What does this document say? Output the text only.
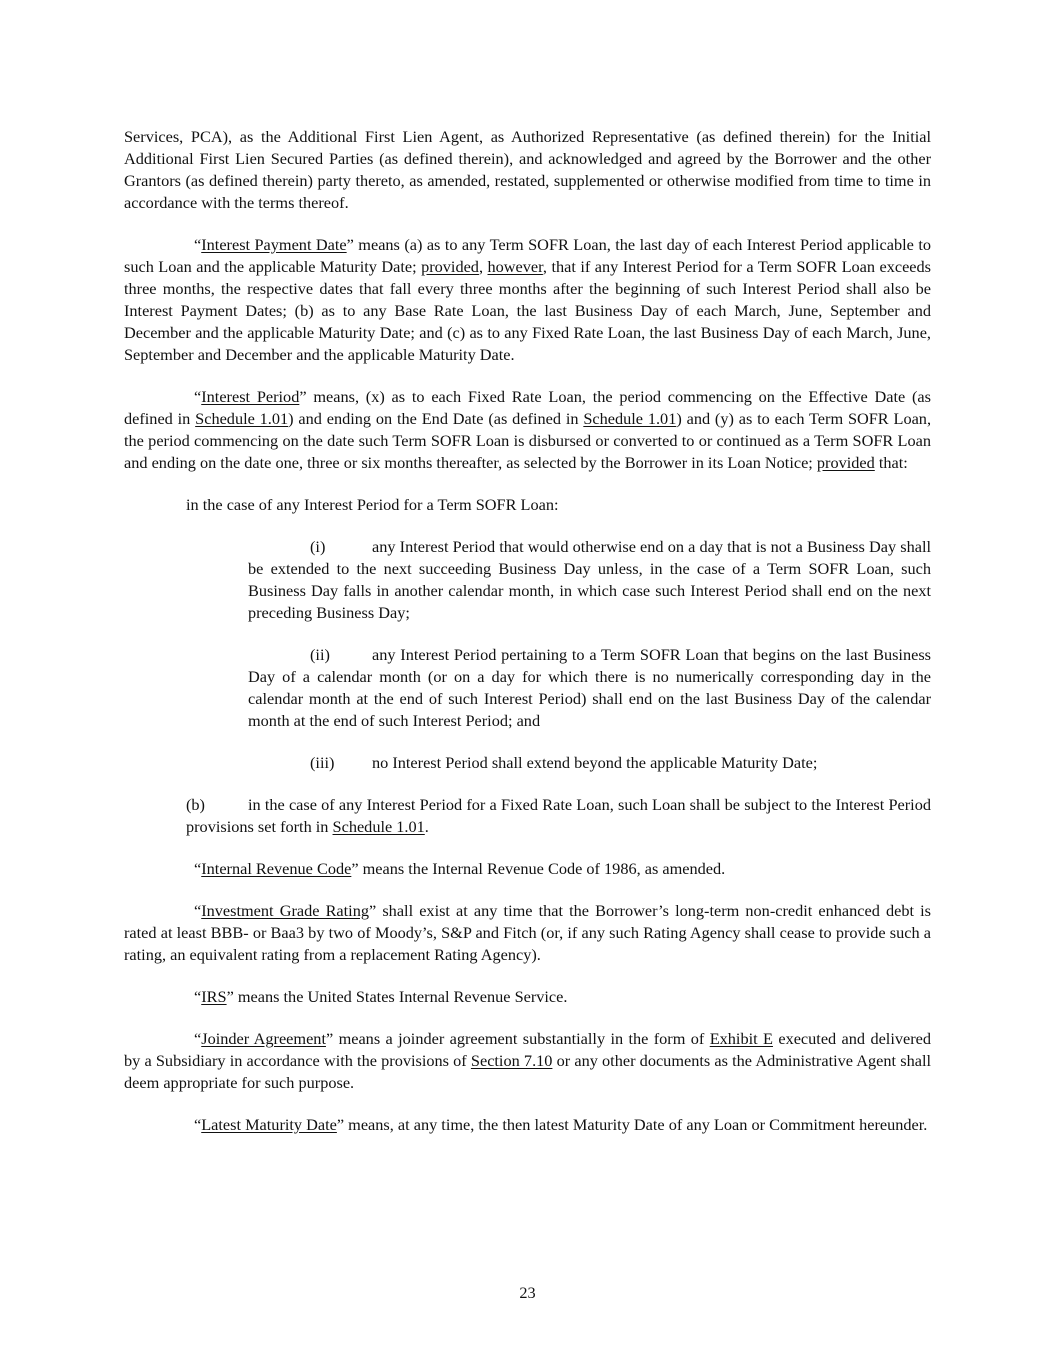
Services, PCA), as the Additional First Lien Agent, as Authorized Representative (as defined therein) for the Initial Additional First Lien Secured Parties (as defined therein), and acknowledged and agreed by the Borrower and the other Grantors (as defined therein) party thereto, as amended, restated, supplemented or otherwise modified from time to time in accordance with the terms thereof.

“Interest Payment Date” means (a) as to any Term SOFR Loan, the last day of each Interest Period applicable to such Loan and the applicable Maturity Date; provided, however, that if any Interest Period for a Term SOFR Loan exceeds three months, the respective dates that fall every three months after the beginning of such Interest Period shall also be Interest Payment Dates; (b) as to any Base Rate Loan, the last Business Day of each March, June, September and December and the applicable Maturity Date; and (c) as to any Fixed Rate Loan, the last Business Day of each March, June, September and December and the applicable Maturity Date.

“Interest Period” means, (x) as to each Fixed Rate Loan, the period commencing on the Effective Date (as defined in Schedule 1.01) and ending on the End Date (as defined in Schedule 1.01) and (y) as to each Term SOFR Loan, the period commencing on the date such Term SOFR Loan is disbursed or converted to or continued as a Term SOFR Loan and ending on the date one, three or six months thereafter, as selected by the Borrower in its Loan Notice; provided that:

in the case of any Interest Period for a Term SOFR Loan:

(i)	any Interest Period that would otherwise end on a day that is not a Business Day shall be extended to the next succeeding Business Day unless, in the case of a Term SOFR Loan, such Business Day falls in another calendar month, in which case such Interest Period shall end on the next preceding Business Day;

(ii)	any Interest Period pertaining to a Term SOFR Loan that begins on the last Business Day of a calendar month (or on a day for which there is no numerically corresponding day in the calendar month at the end of such Interest Period) shall end on the last Business Day of the calendar month at the end of such Interest Period; and

(iii) no Interest Period shall extend beyond the applicable Maturity Date;

(b)	in the case of any Interest Period for a Fixed Rate Loan, such Loan shall be subject to the Interest Period provisions set forth in Schedule 1.01.

“Internal Revenue Code” means the Internal Revenue Code of 1986, as amended.

“Investment Grade Rating” shall exist at any time that the Borrower’s long-term non-credit enhanced debt is rated at least BBB- or Baa3 by two of Moody’s, S&P and Fitch (or, if any such Rating Agency shall cease to provide such a rating, an equivalent rating from a replacement Rating Agency).

“IRS” means the United States Internal Revenue Service.

“Joinder Agreement” means a joinder agreement substantially in the form of Exhibit E executed and delivered by a Subsidiary in accordance with the provisions of Section 7.10 or any other documents as the Administrative Agent shall deem appropriate for such purpose.

“Latest Maturity Date” means, at any time, the then latest Maturity Date of any Loan or Commitment hereunder.

23
